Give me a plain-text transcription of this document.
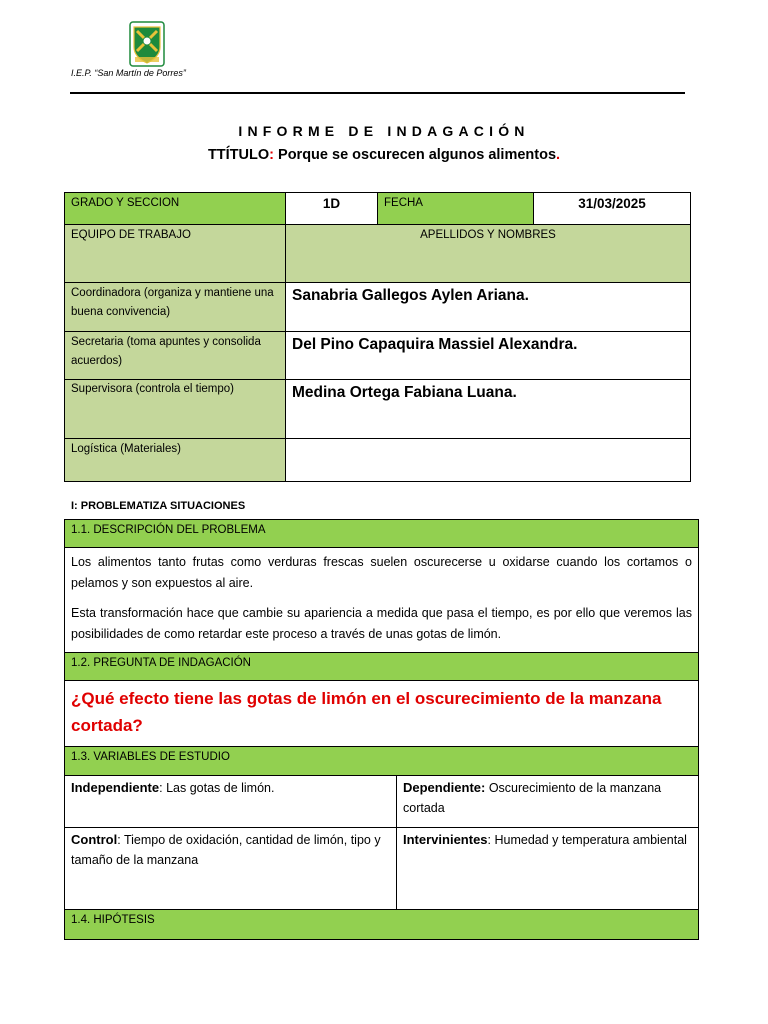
I.E.P. “San Martín de Porres”
INFORME DE INDAGACIÓN
TTÍTULO: Porque se oscurecen algunos alimentos.
GRADO Y SECCION	1D	FECHA	31/03/2025
EQUIPO DE TRABAJO	APELLIDOS Y NOMBRES		
Coordinadora (organiza y mantiene una buena convivencia)	Sanabria Gallegos Aylen Ariana.		
Secretaria (toma apuntes y consolida acuerdos)	Del Pino Capaquira Massiel Alexandra.		
Supervisora (controla el tiempo)	Medina Ortega Fabiana Luana.		
Logística (Materiales)			
I: PROBLEMATIZA SITUACIONES
1.1. DESCRIPCIÓN DEL PROBLEMA	

Los alimentos tanto frutas como verduras frescas suelen oscurecerse u oxidarse cuando los cortamos o pelamos y son expuestos al aire.

Esta transformación hace que cambie su apariencia a medida que pasa el tiempo, es por ello que veremos las posibilidades de como retardar este proceso a través de unas gotas de limón.	

1.2. PREGUNTA DE INDAGACIÓN	
¿Qué efecto tiene las gotas de limón en el oscurecimiento de la manzana cortada?	
1.3. VARIABLES DE ESTUDIO	
Independiente: Las gotas de limón.	Dependiente: Oscurecimiento de la manzana cortada
Control: Tiempo de oxidación, cantidad de limón, tipo y tamaño de la manzana	Intervinientes: Humedad y temperatura ambiental
1.4. HIPÓTESIS	
